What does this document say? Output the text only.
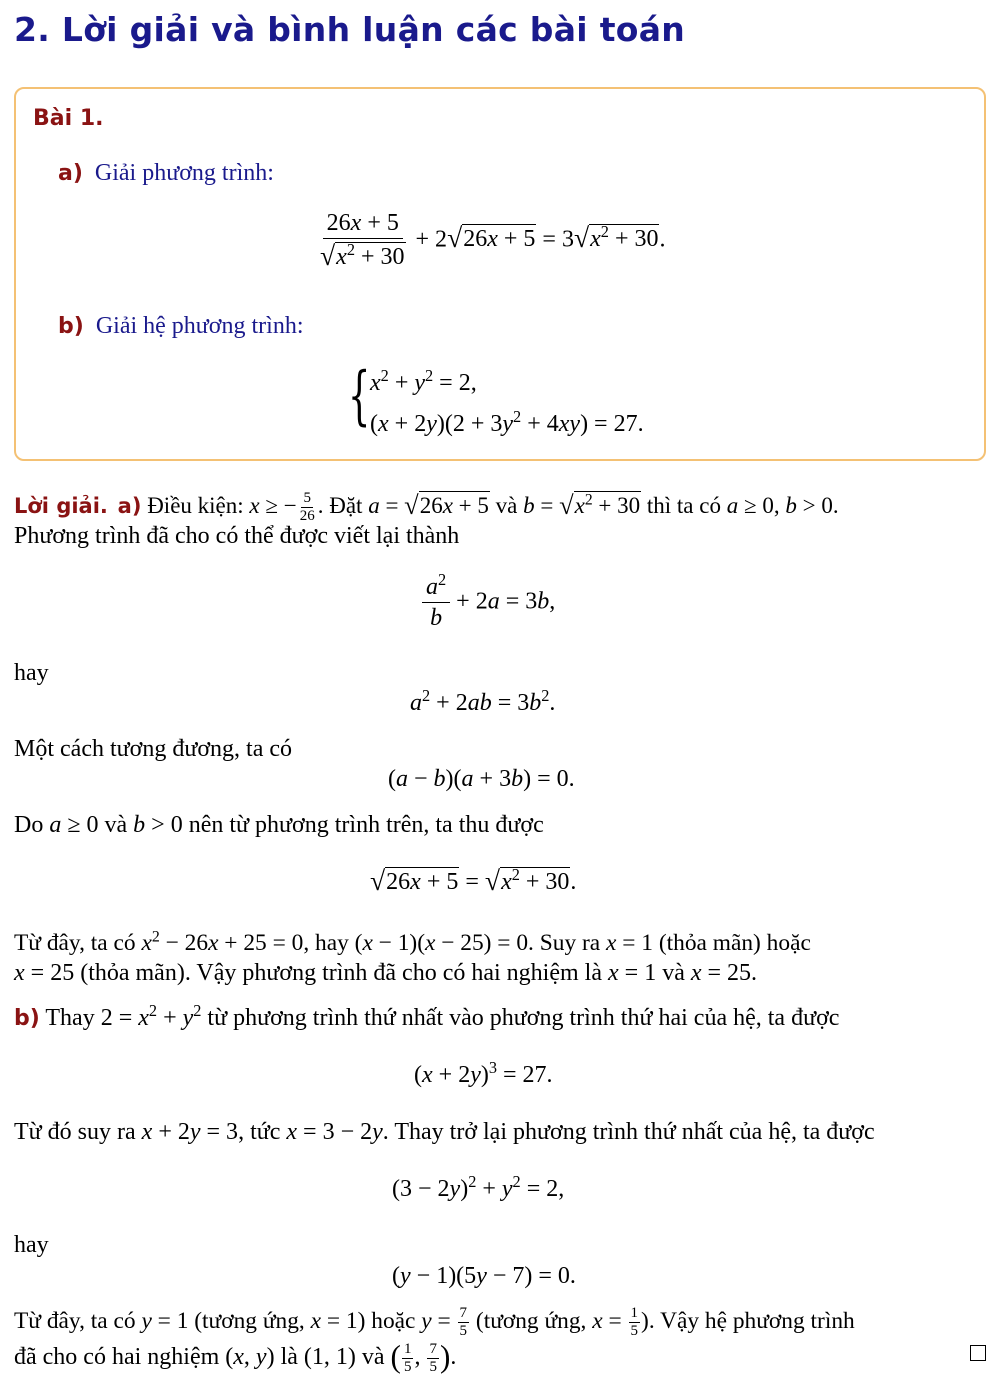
2. Lời giải và bình luận các bài toán
Bài 1.
a) Giải phương trình:
$\frac{26x + 5}{√x^2 + 30} + 2√26x + 5 = 3√x^2 + 30$.
b) Giải hệ phương trình:
{ $x^2 + y^2 = 2$,
$(x + 2y)(2 + 3y^2 + 4xy) = 27$.
Lời giải. a) Điều kiện: x ≥ − $\frac{5}{26}$ . Đặt a = √26x + 5 và $b = √x^2 + 30$ thì ta có a ≥ 0, b > 0.
Phương trình đã cho có thể được viết lại thành
$\frac{a^2}{b} + 2a = 3b$,
hay
$a^2 + 2ab = 3b^2$.
Một cách tương đương, ta có
(a − b)(a + 3b) = 0.
Do a ≥ 0 và b > 0 nên từ phương trình trên, ta thu được
$√26x + 5 = √x^2 + 30$.
Từ đây, ta có $x^2 - 26x + 25 = 0$, hay (x − 1)(x − 25) = 0. Suy ra x = 1 (thỏa mãn) hoặc
x = 25 (thỏa mãn). Vậy phương trình đã cho có hai nghiệm là x = 1 và x = 25.
b) Thay $2 = x^2 + y^2$ từ phương trình thứ nhất vào phương trình thứ hai của hệ, ta được
$(x + 2y)^3 = 27$.
Từ đó suy ra x + 2y = 3, tức x = 3 − 2y. Thay trở lại phương trình thứ nhất của hệ, ta được
$(3 - 2y)^2 + y^2 = 2$,
hay
(y − 1)(5y − 7) = 0.
Từ đây, ta có y = 1 (tương ứng, x = 1) hoặc $y = \frac{7}{5}$ (tương ứng, $x = \frac{1}{5}$ ). Vậy hệ phương trình
đã cho có hai nghiệm (x, y) là (1, 1) và ( $\frac{1}{5}$ , $\frac{7}{5}$ ).
